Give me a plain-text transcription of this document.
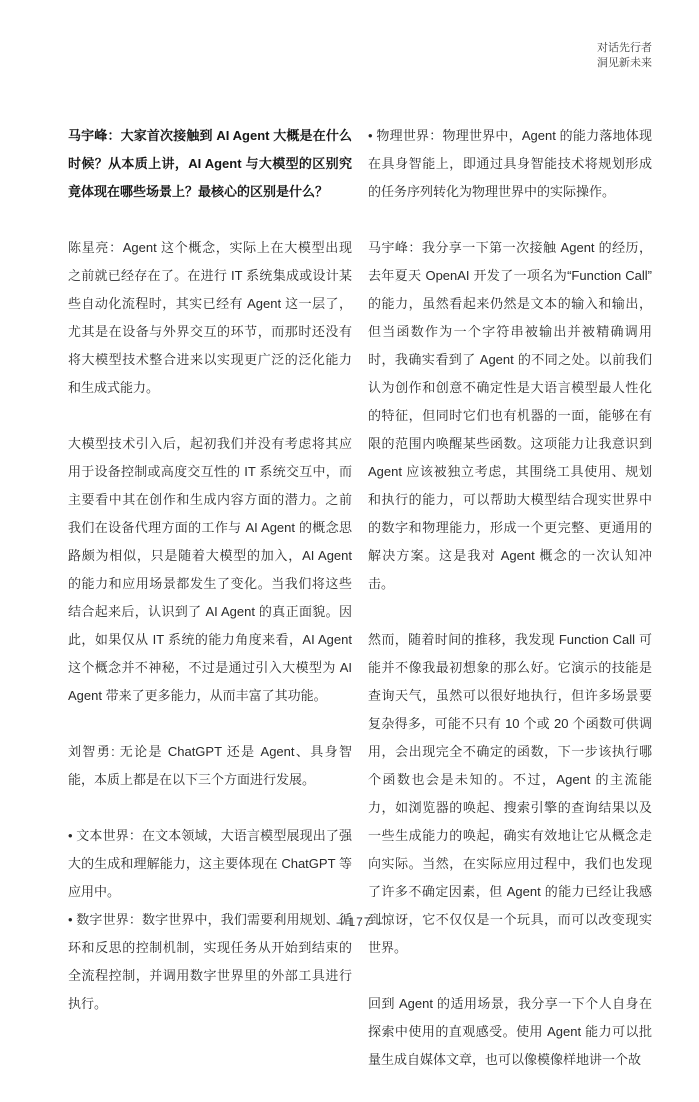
对话先行者
洞见新未来

马宇峰：大家首次接触到 AI Agent 大概是在什么时候？从本质上讲，AI Agent 与大模型的区别究竟体现在哪些场景上？最核心的区别是什么？

陈星亮：Agent 这个概念，实际上在大模型出现之前就已经存在了。在进行 IT 系统集成或设计某些自动化流程时，其实已经有 Agent 这一层了，尤其是在设备与外界交互的环节，而那时还没有将大模型技术整合进来以实现更广泛的泛化能力和生成式能力。

大模型技术引入后，起初我们并没有考虑将其应用于设备控制或高度交互性的 IT 系统交互中，而主要看中其在创作和生成内容方面的潜力。之前我们在设备代理方面的工作与 AI Agent 的概念思路颇为相似，只是随着大模型的加入，AI Agent 的能力和应用场景都发生了变化。当我们将这些结合起来后，认识到了 AI Agent 的真正面貌。因此，如果仅从 IT 系统的能力角度来看，AI Agent 这个概念并不神秘，不过是通过引入大模型为 AI Agent 带来了更多能力，从而丰富了其功能。

刘智勇: 无论是 ChatGPT 还是 Agent、具身智能，本质上都是在以下三个方面进行发展。

• 文本世界：在文本领域，大语言模型展现出了强大的生成和理解能力，这主要体现在 ChatGPT 等应用中。

• 数字世界：数字世界中，我们需要利用规划、循环和反思的控制机制，实现任务从开始到结束的全流程控制，并调用数字世界里的外部工具进行执行。

• 物理世界：物理世界中，Agent 的能力落地体现在具身智能上，即通过具身智能技术将规划形成的任务序列转化为物理世界中的实际操作。

马宇峰：我分享一下第一次接触 Agent 的经历，去年夏天 OpenAI 开发了一项名为“Function Call”的能力，虽然看起来仍然是文本的输入和输出，但当函数作为一个字符串被输出并被精确调用时，我确实看到了 Agent 的不同之处。以前我们认为创作和创意不确定性是大语言模型最人性化的特征，但同时它们也有机器的一面，能够在有限的范围内唤醒某些函数。这项能力让我意识到 Agent 应该被独立考虑，其围绕工具使用、规划和执行的能力，可以帮助大模型结合现实世界中的数字和物理能力，形成一个更完整、更通用的解决方案。这是我对 Agent 概念的一次认知冲击。

然而，随着时间的推移，我发现 Function Call 可能并不像我最初想象的那么好。它演示的技能是查询天气，虽然可以很好地执行，但许多场景要复杂得多，可能不只有 10 个或 20 个函数可供调用，会出现完全不确定的函数，下一步该执行哪个函数也会是未知的。不过，Agent 的主流能力，如浏览器的唤起、搜索引擎的查询结果以及一些生成能力的唤起，确实有效地让它从概念走向实际。当然，在实际应用过程中，我们也发现了许多不确定因素，但 Agent 的能力已经让我感到惊讶，它不仅仅是一个玩具，而可以改变现实世界。

回到 Agent 的适用场景，我分享一下个人自身在探索中使用的直观感受。使用 Agent 能力可以批量生成自媒体文章，也可以像模像样地讲一个故

– 177 –
